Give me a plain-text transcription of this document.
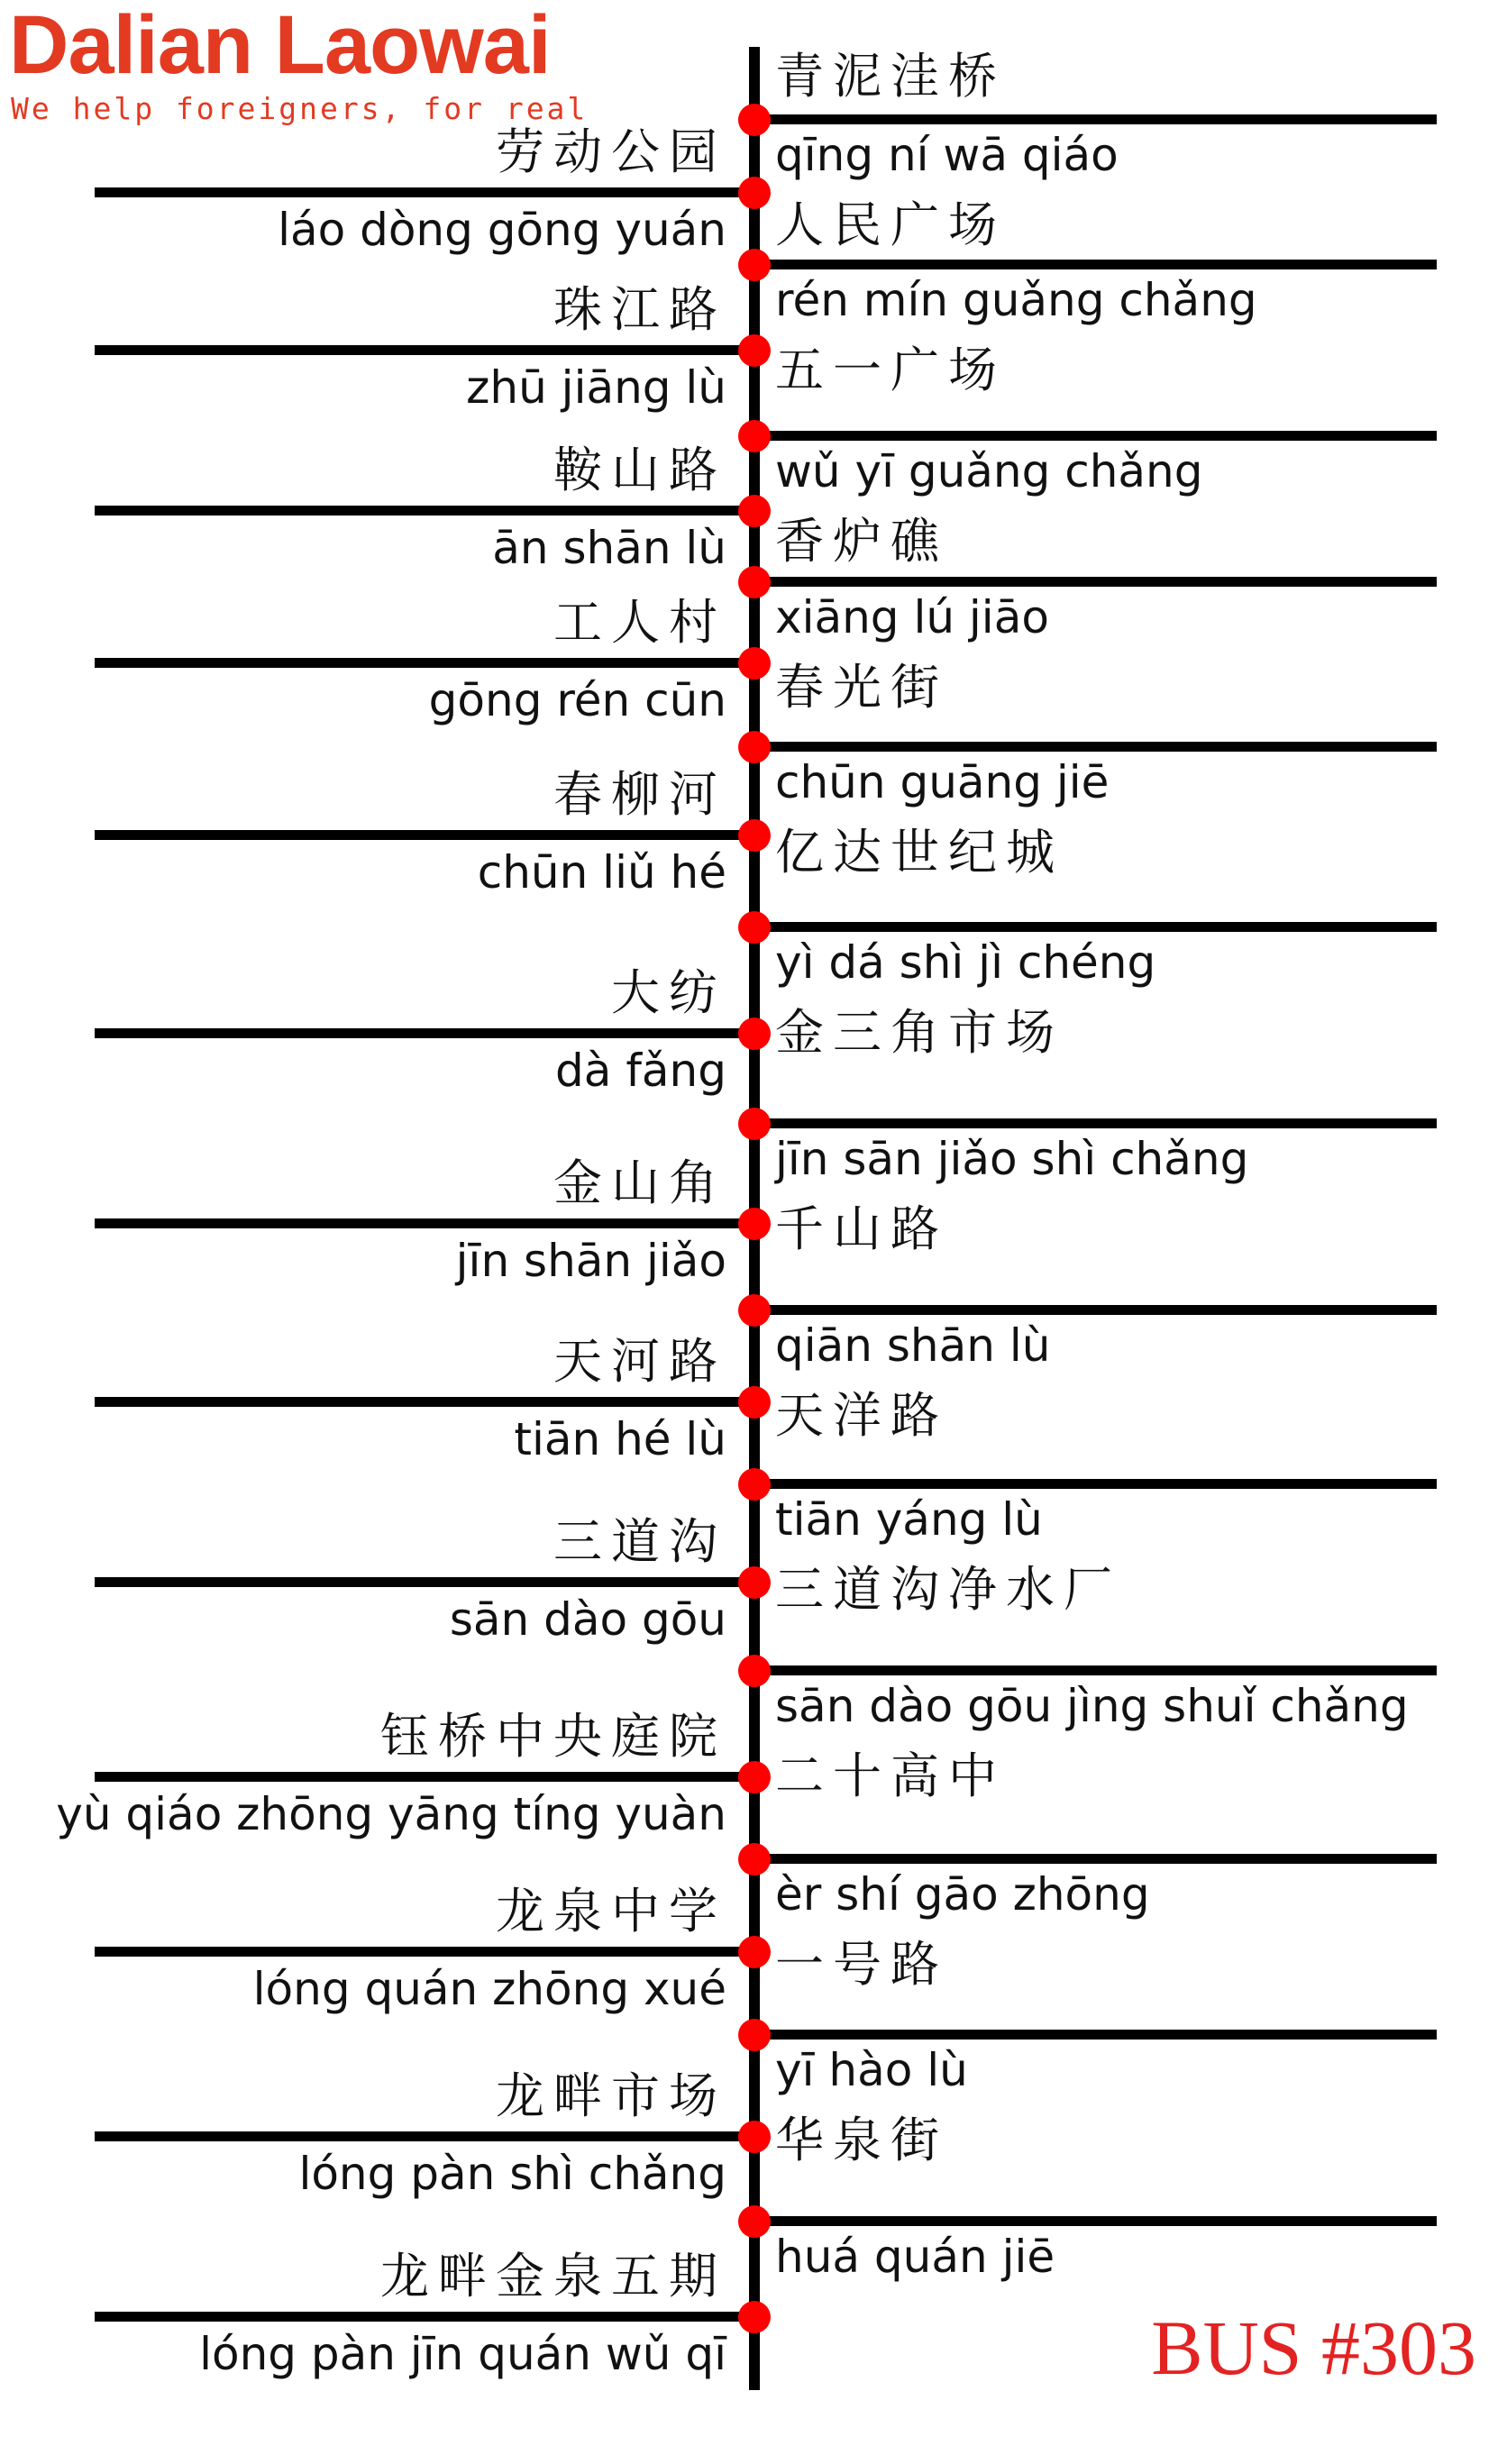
Dalian Laowai
We help foreigners, for real
劳动公园
láo dòng gōng yuán
珠江路
zhū jiāng lù
鞍山路
ān shān lù
工人村
gōng rén cūn
春柳河
chūn liǔ hé
大纺
dà fǎng
金山角
jīn shān jiǎo
天河路
tiān hé lù
三道沟
sān dào gōu
钰桥中央庭院
yù qiáo zhōng yāng tíng yuàn
龙泉中学
lóng quán zhōng xué
龙畔市场
lóng pàn shì chǎng
龙畔金泉五期
lóng pàn jīn quán wǔ qī
青泥洼桥
qīng ní wā qiáo
人民广场
rén mín guǎng chǎng
五一广场
wǔ yī guǎng chǎng
香炉礁
xiāng lú jiāo
春光街
chūn guāng jiē
亿达世纪城
yì dá shì jì chéng
金三角市场
jīn sān jiǎo shì chǎng
千山路
qiān shān lù
天洋路
tiān yáng lù
三道沟净水厂
sān dào gōu jìng shuǐ chǎng
二十高中
èr shí gāo zhōng
一号路
yī hào lù
华泉街
huá quán jiē
BUS #303
